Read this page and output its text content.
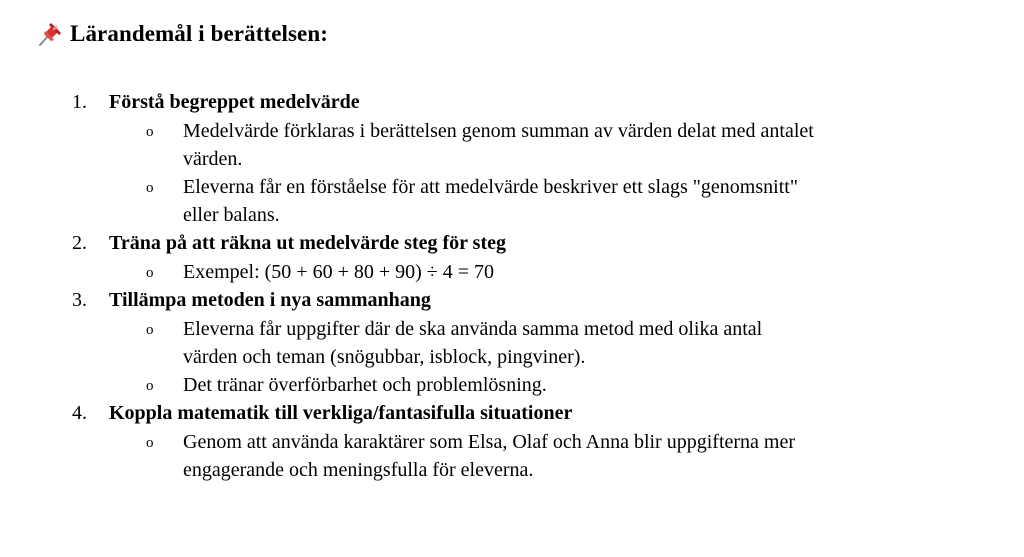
Lärandemål i berättelsen:
1. Förstå begreppet medelvärde
o Medelvärde förklaras i berättelsen genom summan av värden delat med antalet
värden.
o Eleverna får en förståelse för att medelvärde beskriver ett slags "genomsnitt"
eller balans.
2. Träna på att räkna ut medelvärde steg för steg
o Exempel: (50 + 60 + 80 + 90) ÷ 4 = 70
3. Tillämpa metoden i nya sammanhang
o Eleverna får uppgifter där de ska använda samma metod med olika antal
värden och teman (snögubbar, isblock, pingviner).
o Det tränar överförbarhet och problemlösning.
4. Koppla matematik till verkliga/fantasifulla situationer
o Genom att använda karaktärer som Elsa, Olaf och Anna blir uppgifterna mer
engagerande och meningsfulla för eleverna.
